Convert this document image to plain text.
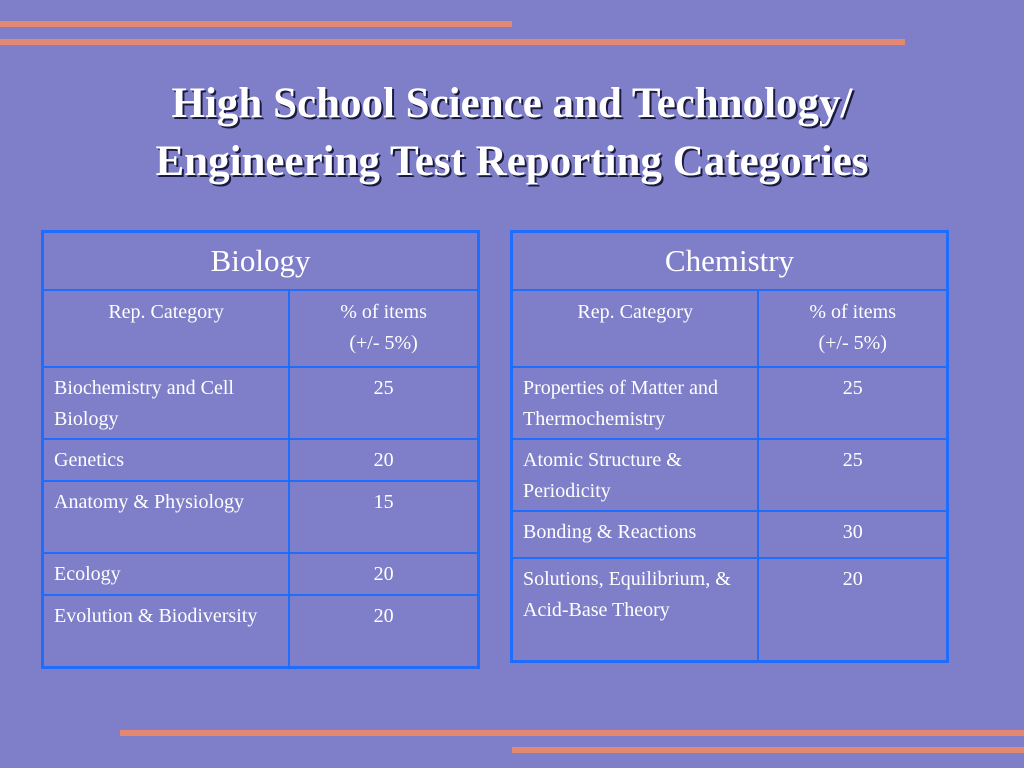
High School Science and Technology/
Engineering Test Reporting Categories
Biology	
Rep. Category	% of items
(+/- 5%)

Biochemistry and Cell Biology	25
Genetics	20
Anatomy & Physiology	15
Ecology	20
Evolution & Biodiversity	20
Chemistry	
Rep. Category	% of items
(+/- 5%)

Properties of Matter and Thermochemistry	25
Atomic Structure & Periodicity	25
Bonding & Reactions	30
Solutions, Equilibrium, & Acid-Base Theory	20
